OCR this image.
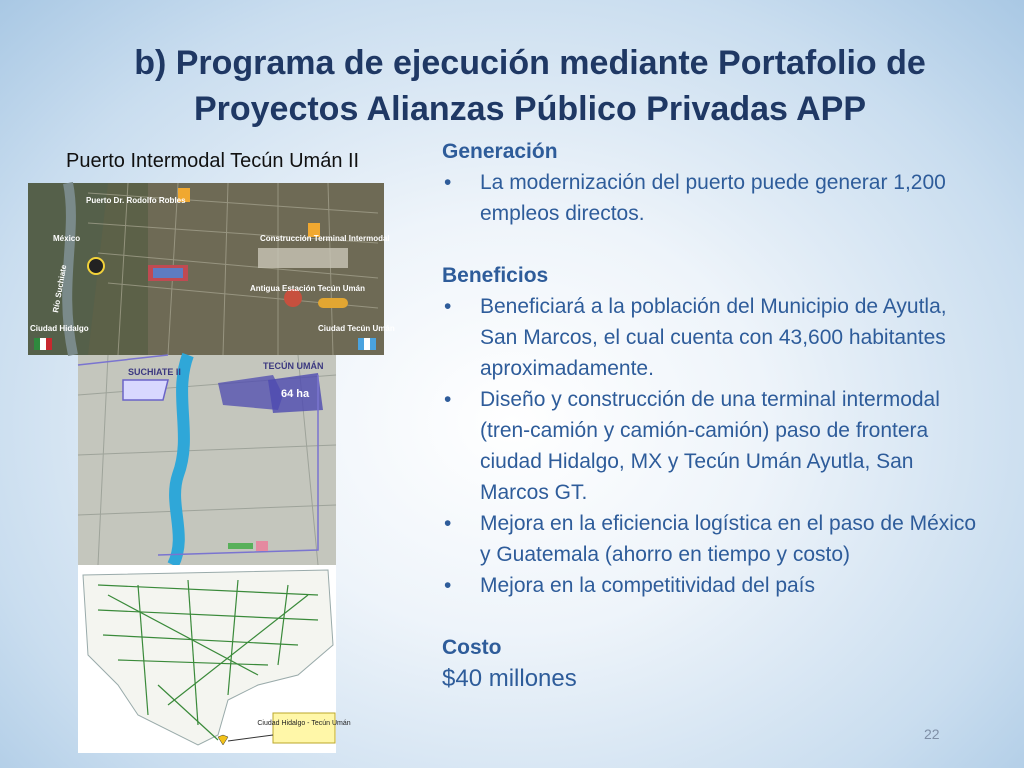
b) Programa de ejecución mediante Portafolio de Proyectos Alianzas Público Privadas APP
Puerto Intermodal Tecún Umán II
Puerto Dr. Rodolfo Robles
México
Río Suchiate
Ciudad Hidalgo
Construcción Terminal Intermodal
Antigua Estación Tecún Umán
Ciudad Tecún Umán
64 ha
TECÚN UMÁN
SUCHIATE II
Ciudad Hidalgo - Tecún Umán
Generación
• La modernización del puerto puede generar 1,200 empleos directos.
Beneficios
• Beneficiará a la población del Municipio de Ayutla, San Marcos, el cual cuenta con 43,600 habitantes aproximadamente.
• Diseño y construcción de una terminal intermodal (tren-camión y camión-camión) paso de frontera ciudad Hidalgo, MX y Tecún Umán Ayutla, San Marcos GT.
• Mejora en la eficiencia logística en el paso de México y Guatemala (ahorro en tiempo y costo)
• Mejora en la competitividad del país
Costo
$40 millones
22
